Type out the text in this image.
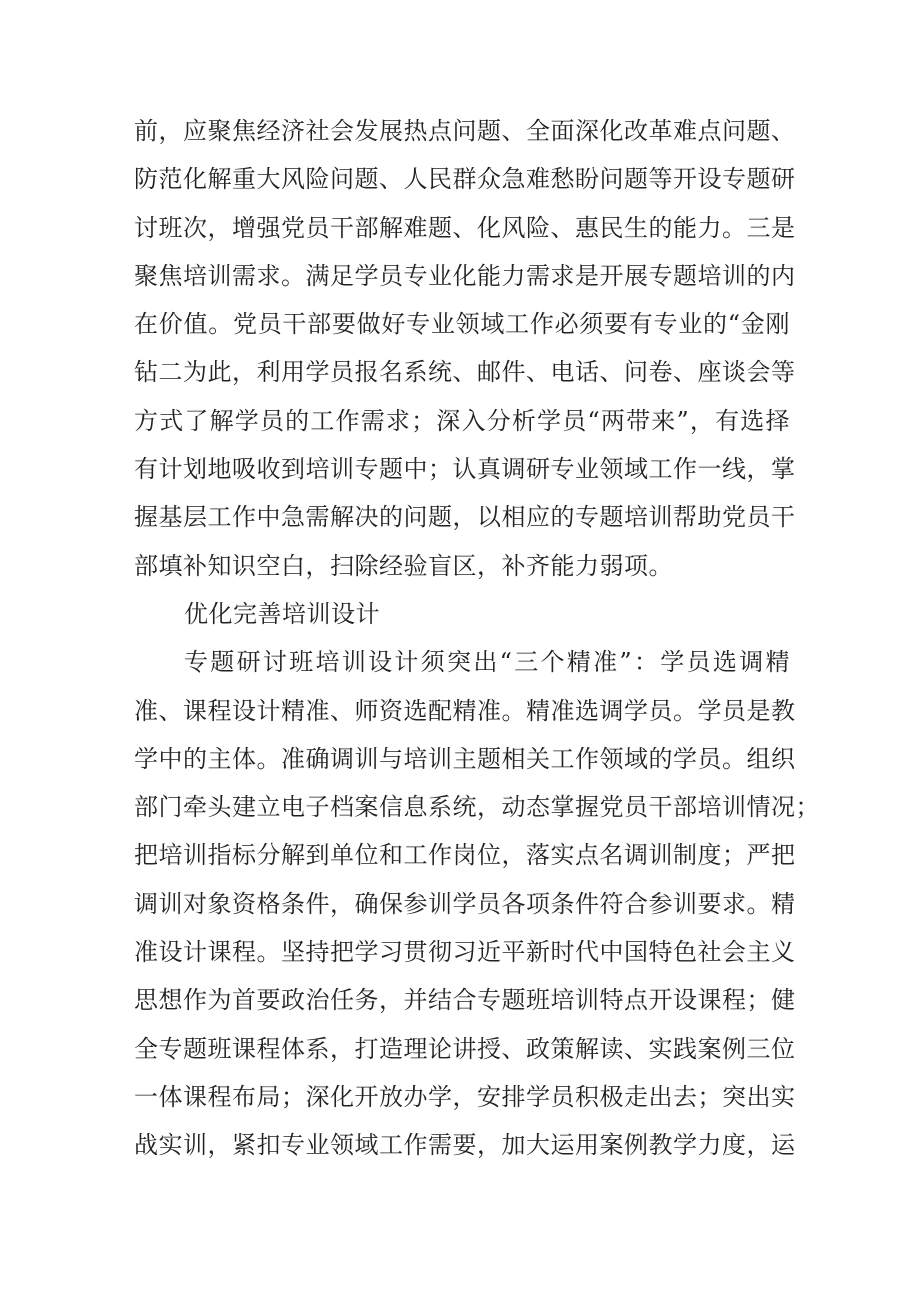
前，应聚焦经济社会发展热点问题、全面深化改革难点问题、
防范化解重大风险问题、人民群众急难愁盼问题等开设专题研
讨班次，增强党员干部解难题、化风险、惠民生的能力。三是
聚焦培训需求。满足学员专业化能力需求是开展专题培训的内
在价值。党员干部要做好专业领域工作必须要有专业的“金刚
钻二为此，利用学员报名系统、邮件、电话、问卷、座谈会等
方式了解学员的工作需求；深入分析学员“两带来”，有选择
有计划地吸收到培训专题中；认真调研专业领域工作一线，掌
握基层工作中急需解决的问题，以相应的专题培训帮助党员干
部填补知识空白，扫除经验盲区，补齐能力弱项。
优化完善培训设计
专题研讨班培训设计须突出“三个精准”：学员选调精
准、课程设计精准、师资选配精准。精准选调学员。学员是教
学中的主体。准确调训与培训主题相关工作领域的学员。组织
部门牵头建立电子档案信息系统，动态掌握党员干部培训情况；
把培训指标分解到单位和工作岗位，落实点名调训制度；严把
调训对象资格条件，确保参训学员各项条件符合参训要求。精
准设计课程。坚持把学习贯彻习近平新时代中国特色社会主义
思想作为首要政治任务，并结合专题班培训特点开设课程；健
全专题班课程体系，打造理论讲授、政策解读、实践案例三位
一体课程布局；深化开放办学，安排学员积极走出去；突出实
战实训，紧扣专业领域工作需要，加大运用案例教学力度，运
